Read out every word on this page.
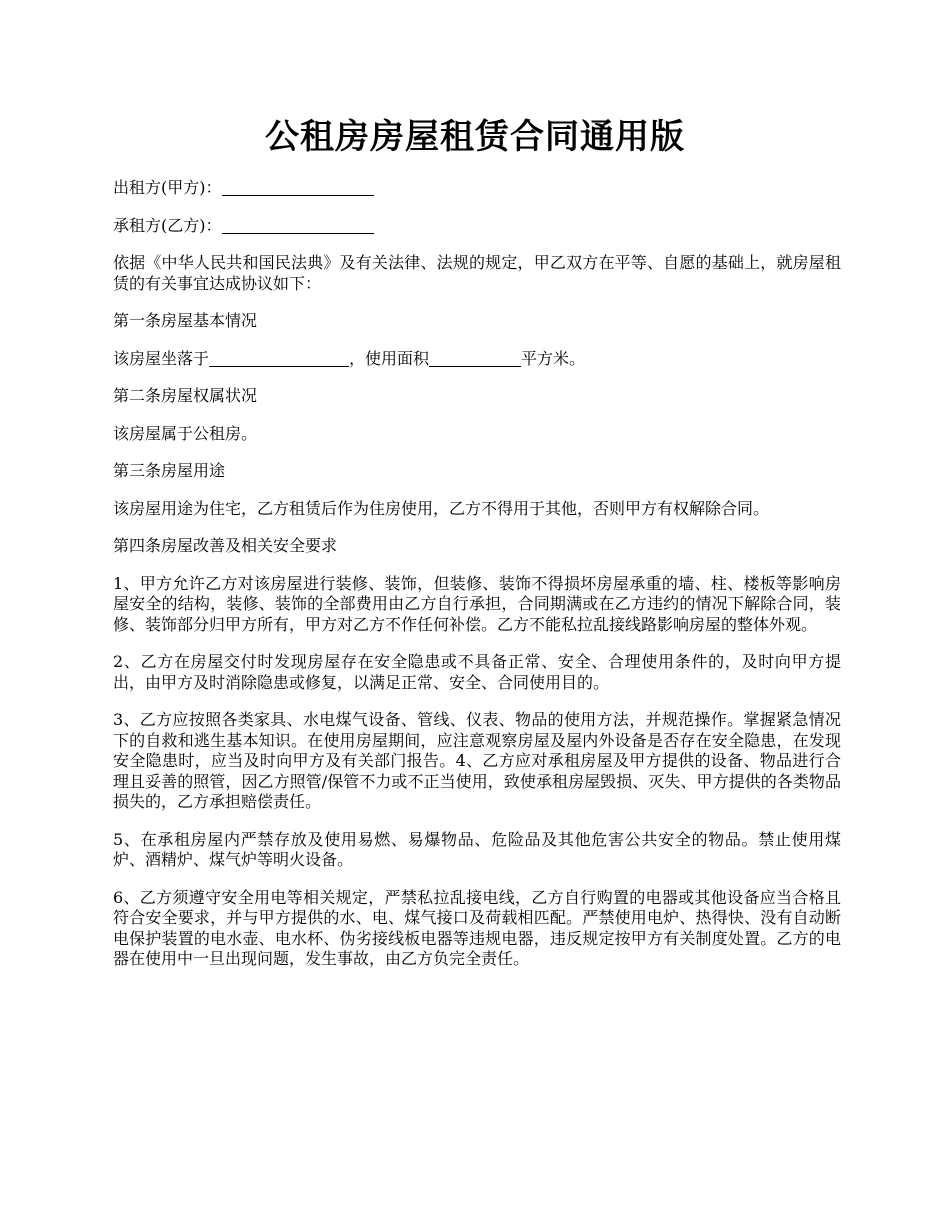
公租房房屋租赁合同通用版

出租方(甲方)：

承租方(乙方)：

依据《中华人民共和国民法典》及有关法律、法规的规定，甲乙双方在平等、自愿的基础上，就房屋租赁的有关事宜达成协议如下：

第一条房屋基本情况

该房屋坐落于	，使用面积	平方米。

第二条房屋权属状况

该房屋属于公租房。

第三条房屋用途

该房屋用途为住宅，乙方租赁后作为住房使用，乙方不得用于其他，否则甲方有权解除合同。

第四条房屋改善及相关安全要求

1、甲方允许乙方对该房屋进行装修、装饰，但装修、装饰不得损坏房屋承重的墙、柱、楼板等影响房屋安全的结构，装修、装饰的全部费用由乙方自行承担，合同期满或在乙方违约的情况下解除合同，装修、装饰部分归甲方所有，甲方对乙方不作任何补偿。乙方不能私拉乱接线路影响房屋的整体外观。

2、乙方在房屋交付时发现房屋存在安全隐患或不具备正常、安全、合理使用条件的，及时向甲方提出，由甲方及时消除隐患或修复，以满足正常、安全、合同使用目的。

3、乙方应按照各类家具、水电煤气设备、管线、仪表、物品的使用方法，并规范操作。掌握紧急情况下的自救和逃生基本知识。在使用房屋期间，应注意观察房屋及屋内外设备是否存在安全隐患，在发现安全隐患时，应当及时向甲方及有关部门报告。4、乙方应对承租房屋及甲方提供的设备、物品进行合理且妥善的照管，因乙方照管/保管不力或不正当使用，致使承租房屋毁损、灭失、甲方提供的各类物品损失的，乙方承担赔偿责任。

5、在承租房屋内严禁存放及使用易燃、易爆物品、危险品及其他危害公共安全的物品。禁止使用煤炉、酒精炉、煤气炉等明火设备。

6、乙方须遵守安全用电等相关规定，严禁私拉乱接电线，乙方自行购置的电器或其他设备应当合格且符合安全要求，并与甲方提供的水、电、煤气接口及荷载相匹配。严禁使用电炉、热得快、没有自动断电保护装置的电水壶、电水杯、伪劣接线板电器等违规电器，违反规定按甲方有关制度处置。乙方的电器在使用中一旦出现问题，发生事故，由乙方负完全责任。
